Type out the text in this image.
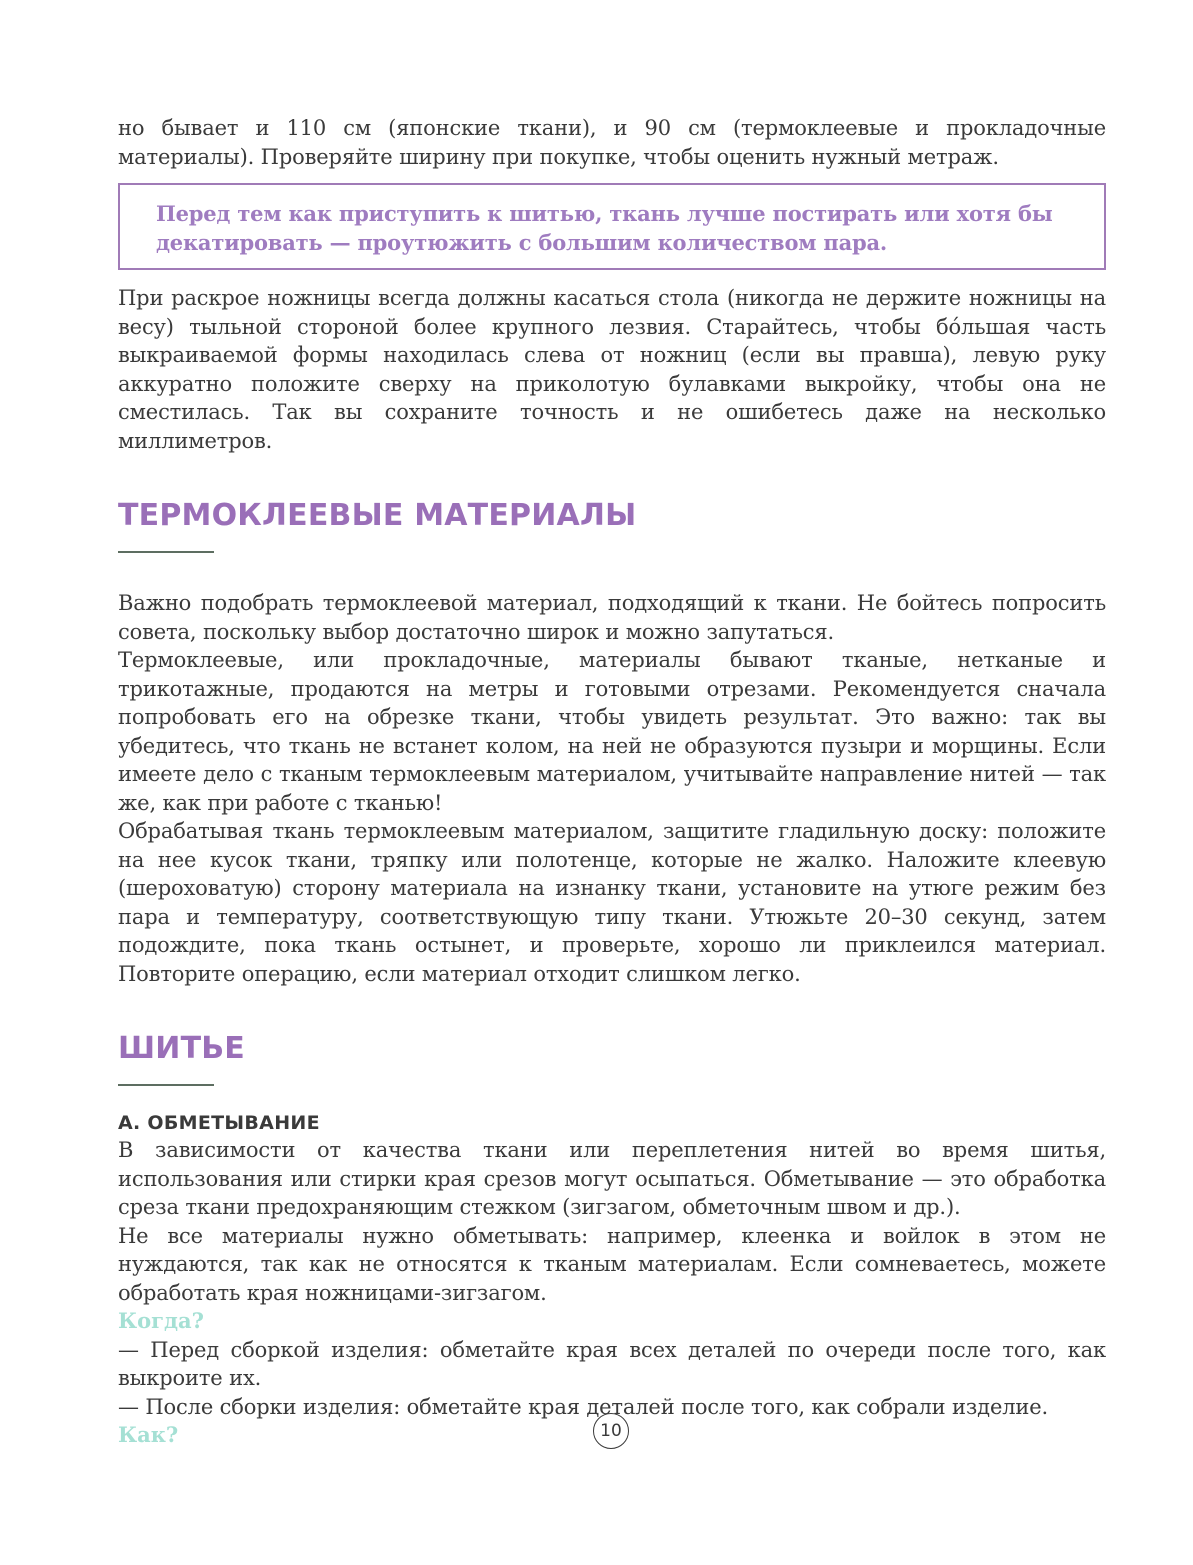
но бывает и 110 см (японские ткани), и 90 см (термоклеевые и прокладочные материалы). Проверяйте ширину при покупке, чтобы оценить нужный метраж.

Перед тем как приступить к шитью, ткань лучше постирать или хотя бы декатировать — проутюжить с большим количеством пара.

При раскрое ножницы всегда должны касаться стола (никогда не держите ножницы на весу) тыльной стороной более крупного лезвия. Старайтесь, чтобы бóльшая часть выкраиваемой формы находилась слева от ножниц (если вы правша), левую руку аккуратно положите сверху на приколотую булавками выкройку, чтобы она не сместилась. Так вы сохраните точность и не ошибетесь даже на несколько миллиметров.

ТЕРМОКЛЕЕВЫЕ МАТЕРИАЛЫ

Важно подобрать термоклеевой материал, подходящий к ткани. Не бойтесь попросить совета, поскольку выбор достаточно широк и можно запутаться.

Термоклеевые, или прокладочные, материалы бывают тканые, нетканые и трикотажные, продаются на метры и готовыми отрезами. Рекомендуется сначала попробовать его на обрезке ткани, чтобы увидеть результат. Это важно: так вы убедитесь, что ткань не встанет колом, на ней не образуются пузыри и морщины. Если имеете дело с тканым термоклеевым материалом, учитывайте направление нитей — так же, как при работе с тканью!

Обрабатывая ткань термоклеевым материалом, защитите гладильную доску: положите на нее кусок ткани, тряпку или полотенце, которые не жалко. Наложите клеевую (шероховатую) сторону материала на изнанку ткани, установите на утюге режим без пара и температуру, соответствующую типу ткани. Утюжьте 20–30 секунд, затем подождите, пока ткань остынет, и проверьте, хорошо ли приклеился материал. Повторите операцию, если материал отходит слишком легко.

ШИТЬЕ
А. ОБМЕТЫВАНИЕ

В зависимости от качества ткани или переплетения нитей во время шитья, использования или стирки края срезов могут осыпаться. Обметывание — это обработка среза ткани предохраняющим стежком (зигзагом, обметочным швом и др.).

Не все материалы нужно обметывать: например, клеенка и войлок в этом не нуждаются, так как не относятся к тканым материалам. Если сомневаетесь, можете обработать края ножницами-зигзагом.

Когда?

— Перед сборкой изделия: обметайте края всех деталей по очереди после того, как выкроите их.

— После сборки изделия: обметайте края деталей после того, как собрали изделие.

Как?	10
